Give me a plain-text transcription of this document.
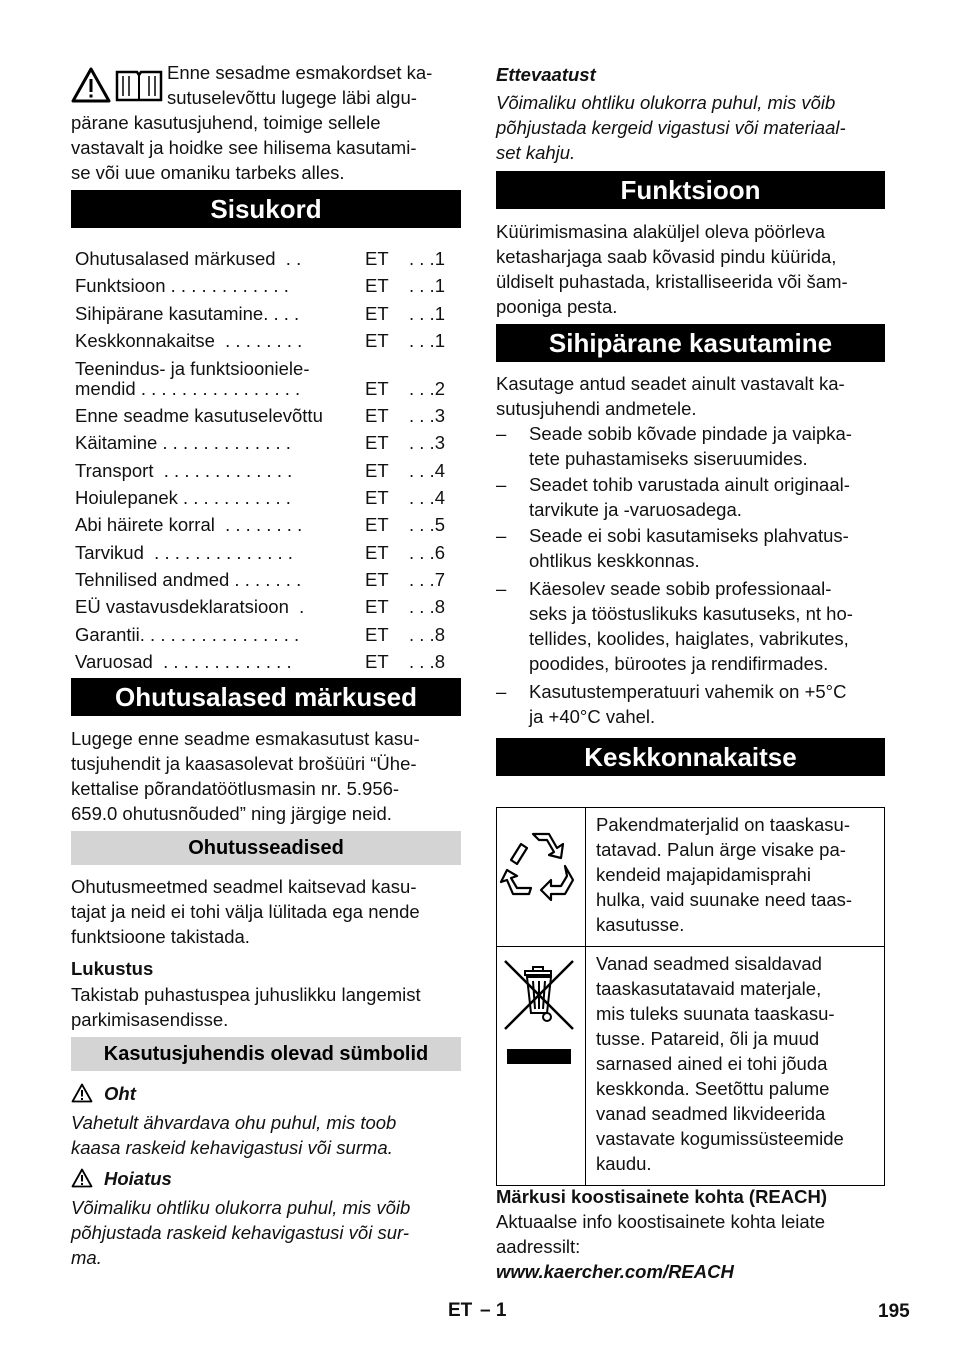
Enne sesadme esmakordset ka-

sutuselevõttu lugege läbi algu-

pärane kasutusjuhend, toimige sellele

vastavalt ja hoidke see hilisema kasutami-

se või uue omaniku tarbeks alles.

Sisukord
Ohutusalased märkused  . .	ET . . .1
Funktsioon . . . . . . . . . . . .	ET . . .1
Sihipärane kasutamine. . . .	ET . . .1
Keskkonnakaitse  . . . . . . . .	ET . . .1
Teenindus- ja funktsiooniele-
mendid . . . . . . . . . . . . . . . .	ET . . .2
Enne seadme kasutuselevõttu ET . . .3
Käitamine . . . . . . . . . . . . .	ET . . .3
Transport  . . . . . . . . . . . . .	ET . . .4
Hoiulepanek . . . . . . . . . . .	ET . . .4
Abi häirete korral  . . . . . . . .	ET . . .5
Tarvikud  . . . . . . . . . . . . . .	ET . . .6
Tehnilised andmed . . . . . . .	ET . . .7
EÜ vastavusdeklaratsioon  .	ET . . .8
Garantii. . . . . . . . . . . . . . . .	ET . . .8
Varuosad  . . . . . . . . . . . . .	ET . . .8
Ohutusalased märkused

Lugege enne seadme esmakasutust kasu-

tusjuhendit ja kaasasolevat brošüüri “Ühe-

kettalise põrandatöötlusmasin nr. 5.956-

659.0 ohutusnõuded” ning järgige neid.

Ohutusseadised

Ohutusmeetmed seadmel kaitsevad kasu-

tajat ja neid ei tohi välja lülitada ega nende

funktsioone takistada.

Lukustus

Takistab puhastuspea juhuslikku langemist

parkimisasendisse.

Kasutusjuhendis olevad sümbolid
Oht

Vahetult ähvardava ohu puhul, mis toob

kaasa raskeid kehavigastusi või surma.

Hoiatus

Võimaliku ohtliku olukorra puhul, mis võib

põhjustada raskeid kehavigastusi või sur-

ma.

Ettevaatust

Võimaliku ohtliku olukorra puhul, mis võib

põhjustada kergeid vigastusi või materiaal-

set kahju.

Funktsioon

Küürimismasina alaküljel oleva pöörleva

ketasharjaga saab kõvasid pindu küürida,

üldiselt puhastada, kristalliseerida või šam-

pooniga pesta.

Sihipärane kasutamine

Kasutage antud seadet ainult vastavalt ka-

sutusjuhendi andmetele.

– Seade sobib kõvade pindade ja vaipka-
tete puhastamiseks siseruumides.
– Seadet tohib varustada ainult originaal-
tarvikute ja -varuosadega.
– Seade ei sobi kasutamiseks plahvatus-
ohtlikus keskkonnas.
– Käesolev seade sobib professionaal-
seks ja tööstuslikuks kasutuseks, nt ho-
tellides, koolides, haiglates, vabrikutes,
poodides, bürootes ja rendifirmades.
– Kasutustemperatuuri vahemik on +5°C
ja +40°C vahel.
Keskkonnakaitse
Pakendmaterjalid on taaskasu-
tatavad. Palun ärge visake pa-
kendeid majapidamisprahi
hulka, vaid suunake need taas-
kasutusse.
Vanad seadmed sisaldavad
taaskasutatavaid materjale,
mis tuleks suunata taaskasu-
tusse. Patareid, õli ja muud
sarnased ained ei tohi jõuda
keskkonda. Seetõttu palume
vanad seadmed likvideerida
vastavate kogumissüsteemide
kaudu.

Märkusi koostisainete kohta (REACH)

Aktuaalse info koostisainete kohta leiate

aadressilt:

www.kaercher.com/REACH

ET – 1	195
